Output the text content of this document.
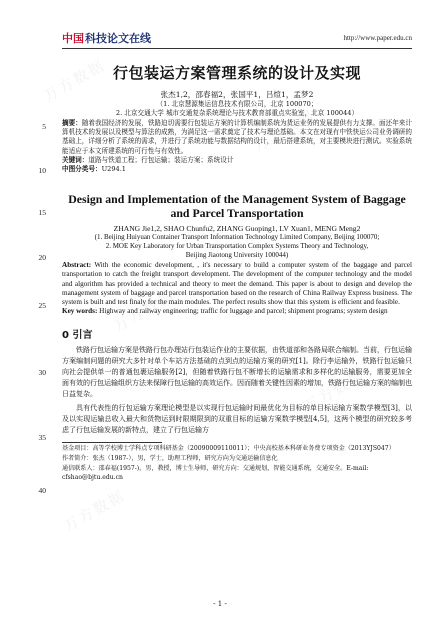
万方数据
万方数据
万方数据
万方数据
万方数据
中国 科技论文在线	http://www.paper.edu.cn
5
10
15
20
25
30
35
40
行包装运方案管理系统的设计及实现
张杰1,2，邵春福2，张国平1，吕煊1，孟梦2
（1. 北京慧源集运信息技术有限公司，北京 100070；
2. 北京交通大学 城市交通复杂系统理论与技术教育部重点实验室，北京 100044）
摘要：随着我国经济的发展，铁路迫切需要行包装运方案的计算机编制系统为货运业务的发展提供有力支撑。面还年来计算机技术的发展以及模型与算法的成熟，为满足这一需求奠定了技术与理论基础。本文在对现有中铁快运公司业务调研的基础上，详细分析了系统的需求，并进行了系统功能与数据结构的设计，最后搭建系统，对主要模块进行测试。实验系统能适应于本文所建系统的可行性与有效性。
关键词：道路与铁道工程；行包运输；装运方案；系统设计
中图分类号：U294.1
Design and Implementation of the Management System of Baggage and Parcel Transportation
ZHANG Jie1,2, SHAO Chunfu2, ZHANG Guoping1, LV Xuan1, MENG Meng2
(1. Beijing Huiyuan Container Transport Information Technology Limited Company, Beijing 100070;
2. MOE Key Laboratory for Urban Transportation Complex Systems Theory and Technology,
Beijing Jiaotong University 100044)
Abstract: With the economic development, , it's necessary to build a computer system of the baggage and parcel transportation to catch the freight transport development. The development of the computer technology and the model and algorithm has provided a technical and theory to meet the demand. This paper is about to design and develop the management system of baggage and parcel transportation based on the research of China Railway Express business. The system is built and test finaly for the main modules. The perfect results show that this system is efficient and feasible.
Key words: Highway and railway engineering; traffic for luggage and parcel; shipment programs; system design
0 引言
铁路行包运输方案是铁路行包办理站行包装运作业的主要依据，由铁道部和各路局联合编制。当前，行包运输方案编制问题的研究大多针对单个车站方法基础的点到点的运输方案的研究[1]。除行李运输外，铁路行包运输只向社会提供单一的普通包裹运输服务[2]，但随着铁路行包不断增长的运输需求和多样化的运输服务，需要更加全面有效的行包运输组织方法来保障行包运输的高效运作。因而随着关键性因素的增加，铁路行包运输方案的编制也日益复杂。
具有代表性的行包运输方案理论模型是以实现行包运输时间最优化为目标的单目标运输方案数学模型[3]，以及以实现运输总收入最大和货物运到时限期限到的双重目标的运输方案数学模型[4,5]，这两个模型的研究较多考虑了行包运输发展的新特点，建立了行包运输方
基金项目：高等学校博士学科点专项科研基金（20090009110011）；中央高校基本科研业务费专项资金（2013YJS047）
作者简介：张杰（1987-），男，学士，助理工程师，研究方向为交通运输信息化
通信联系人：邵春福(1957-)，男，教授，博士生导师，研究方向：交通规划，智能交通系统，交通安全。E-mail: cfshao@bjtu.edu.cn
- 1 -
